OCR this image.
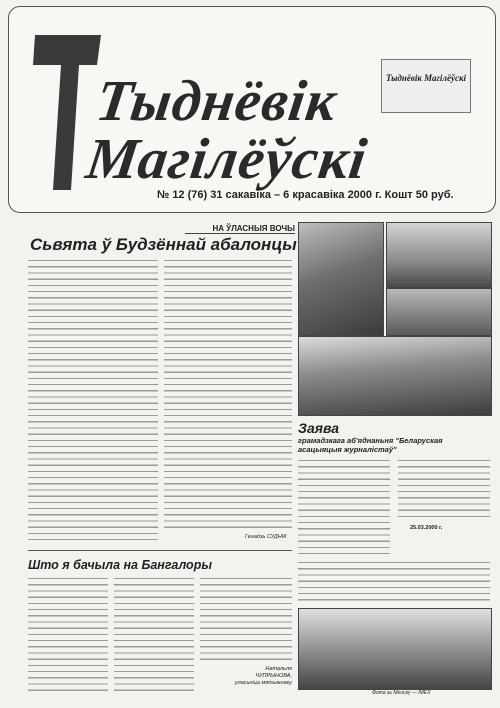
Тыднёвік
Магілёўскі
Тыднёвік Магілёўскі
№ 12 (76) 31 сакавіка – 6 красавіка 2000 г. Кошт 50 руб.
НА ЎЛАСНЫЯ ВОЧЫ
Сьвята ў Будзённай абалонцы
Генадзь СУДНІК
Заява
грамадзкага аб'яднаньня "Беларуская асацыяцыя журналістаў"
25.03.2000 г.
Фота зь Менску — ІМЕХ
Што я бачыла на Бангалоры
Натальля ЧУПРЫНОВА, уласьніца мятыжнаку
